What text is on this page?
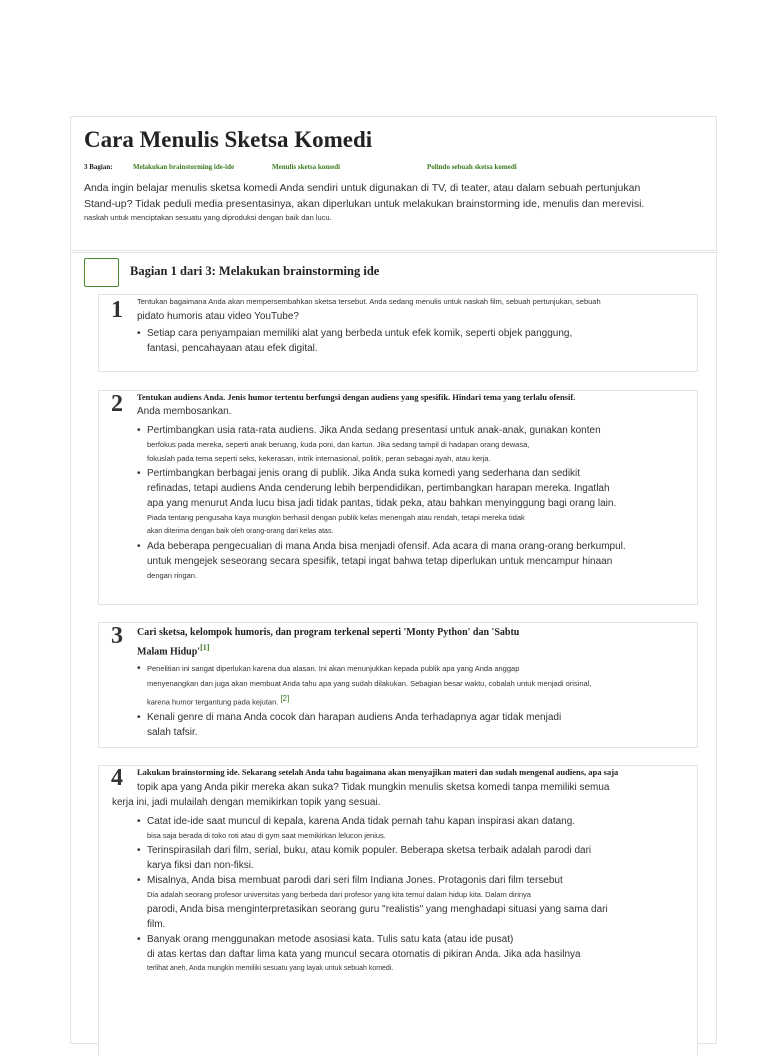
Cara Menulis Sketsa Komedi
3 Bagian:	Melakukan brainstorming ide-ide	Menulis sketsa komedi	Polindo sebuah sketsa komedi
Anda ingin belajar menulis sketsa komedi Anda sendiri untuk digunakan di TV, di teater, atau dalam sebuah pertunjukan
Stand-up? Tidak peduli media presentasinya, akan diperlukan untuk melakukan brainstorming ide, menulis dan merevisi.
naskah untuk menciptakan sesuatu yang diproduksi dengan baik dan lucu.
Bagian 1 dari 3: Melakukan brainstorming ide
1 Tentukan bagaimana Anda akan mempersembahkan sketsa tersebut. Anda sedang menulis untuk naskah film, sebuah pertunjukan, sebuah
pidato humoris atau video YouTube?
• Setiap cara penyampaian memiliki alat yang berbeda untuk efek komik, seperti objek panggung,
fantasi, pencahayaan atau efek digital.
2 Tentukan audiens Anda. Jenis humor tertentu berfungsi dengan audiens yang spesifik. Hindari tema yang terlalu ofensif.
Anda membosankan.
• Pertimbangkan usia rata-rata audiens. Jika Anda sedang presentasi untuk anak-anak, gunakan konten
berfokus pada mereka, seperti anak beruang, kuda poni, dan kartun. Jika sedang tampil di hadapan orang dewasa,
fokuslah pada tema seperti seks, kekerasan, intrik internasional, politik, peran sebagai ayah, atau kerja.
• Pertimbangkan berbagai jenis orang di publik. Jika Anda suka komedi yang sederhana dan sedikit
refinadas, tetapi audiens Anda cenderung lebih berpendidikan, pertimbangkan harapan mereka. Ingatlah
apa yang menurut Anda lucu bisa jadi tidak pantas, tidak peka, atau bahkan menyinggung bagi orang lain.
Piada tentang pengusaha kaya mungkin berhasil dengan publik kelas menengah atau rendah, tetapi mereka tidak
akan diterima dengan baik oleh orang-orang dari kelas atas.
• Ada beberapa pengecualian di mana Anda bisa menjadi ofensif. Ada acara di mana orang-orang berkumpul.
untuk mengejek seseorang secara spesifik, tetapi ingat bahwa tetap diperlukan untuk mencampur hinaan
dengan ringan.
3 Cari sketsa, kelompok humoris, dan program terkenal seperti 'Monty Python' dan 'Sabtu
Malam Hidup'[1]
• Penelitian ini sangat diperlukan karena dua alasan. Ini akan menunjukkan kepada publik apa yang Anda anggap
menyenangkan dan juga akan membuat Anda tahu apa yang sudah dilakukan. Sebagian besar waktu, cobalah untuk menjadi orisinal,
karena humor tergantung pada kejutan. [2]
• Kenali genre di mana Anda cocok dan harapan audiens Anda terhadapnya agar tidak menjadi
salah tafsir.
4 Lakukan brainstorming ide. Sekarang setelah Anda tahu bagaimana akan menyajikan materi dan sudah mengenal audiens, apa saja
topik apa yang Anda pikir mereka akan suka? Tidak mungkin menulis sketsa komedi tanpa memiliki semua
kerja ini, jadi mulailah dengan memikirkan topik yang sesuai.
• Catat ide-ide saat muncul di kepala, karena Anda tidak pernah tahu kapan inspirasi akan datang.
bisa saja berada di toko roti atau di gym saat memikirkan lelucon jenius.
• Terinspirasilah dari film, serial, buku, atau komik populer. Beberapa sketsa terbaik adalah parodi dari
karya fiksi dan non-fiksi.
• Misalnya, Anda bisa membuat parodi dari seri film Indiana Jones. Protagonis dari film tersebut
Dia adalah seorang profesor universitas yang berbeda dari profesor yang kita temui dalam hidup kita. Dalam dirinya
parodi, Anda bisa menginterpretasikan seorang guru "realistis" yang menghadapi situasi yang sama dari
film.
• Banyak orang menggunakan metode asosiasi kata. Tulis satu kata (atau ide pusat)
di atas kertas dan daftar lima kata yang muncul secara otomatis di pikiran Anda. Jika ada hasilnya
terlihat aneh, Anda mungkin memiliki sesuatu yang layak untuk sebuah komedi.
